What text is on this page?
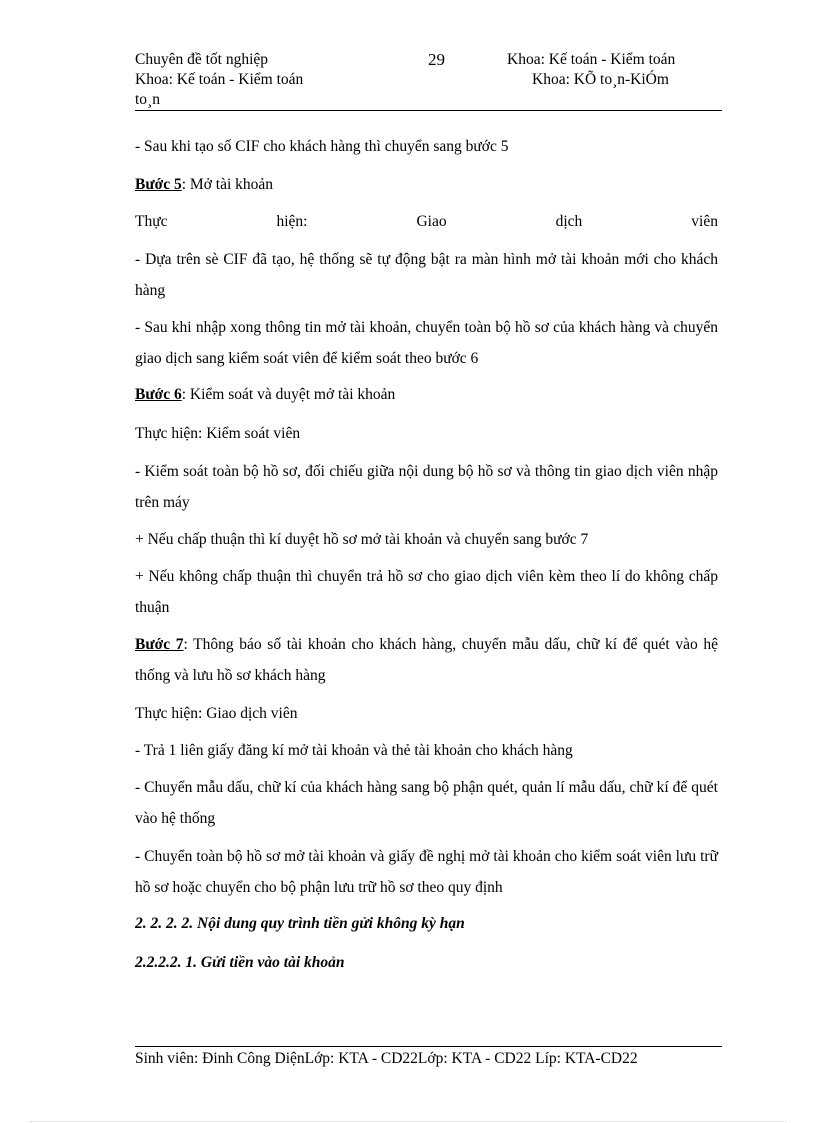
Chuyên đề tốt nghiệp
Khoa: Kế toán - Kiểm toán
to¸n
29	Khoa: Kế toán - Kiểm toán
Khoa: KÕ to¸n-KiÓm
- Sau khi tạo số CIF cho khách hàng thì chuyển sang bước 5
Bước 5: Mở tài khoản
Thực	hiện:	Giao	dịch	viên
- Dựa trên sè CIF đã tạo, hệ thống sẽ tự động bật ra màn hình mở tài khoản mới cho khách hàng
- Sau khi nhập xong thông tin mở tài khoản, chuyển toàn bộ hồ sơ của khách hàng và chuyển giao dịch sang kiểm soát viên để kiểm soát theo bước 6
Bước 6: Kiểm soát và duyệt mở tài khoản
Thực hiện: Kiểm soát viên
- Kiểm soát toàn bộ hồ sơ, đối chiếu giữa nội dung bộ hồ sơ và thông tin giao dịch viên nhập trên máy
+ Nếu chấp thuận thì kí duyệt hồ sơ mở tài khoản và chuyển sang bước 7
+ Nếu không chấp thuận thì chuyển trả hồ sơ cho giao dịch viên kèm theo lí do không chấp thuận
Bước 7: Thông báo số tài khoản cho khách hàng, chuyển mẫu dấu, chữ kí để quét vào hệ thống và lưu hồ sơ khách hàng
Thực hiện: Giao dịch viên
- Trả 1 liên giấy đăng kí mở tài khoản và thẻ tài khoản cho khách hàng
- Chuyển mẫu dấu, chữ kí của khách hàng sang bộ phận quét, quản lí mẫu dấu, chữ kí để quét vào hệ thống
- Chuyển toàn bộ hồ sơ mở tài khoản và giấy đề nghị mở tài khoản cho kiểm soát viên lưu trữ hồ sơ hoặc chuyển cho bộ phận lưu trữ hồ sơ theo quy định
2. 2. 2. 2. Nội dung quy trình tiền gửi không kỳ hạn
2.2.2.2. 1. Gửi tiền vào tài khoản
Sinh viên: Đinh Công DiệnLớp: KTA - CD22Lớp: KTA - CD22 Líp: KTA-CD22
